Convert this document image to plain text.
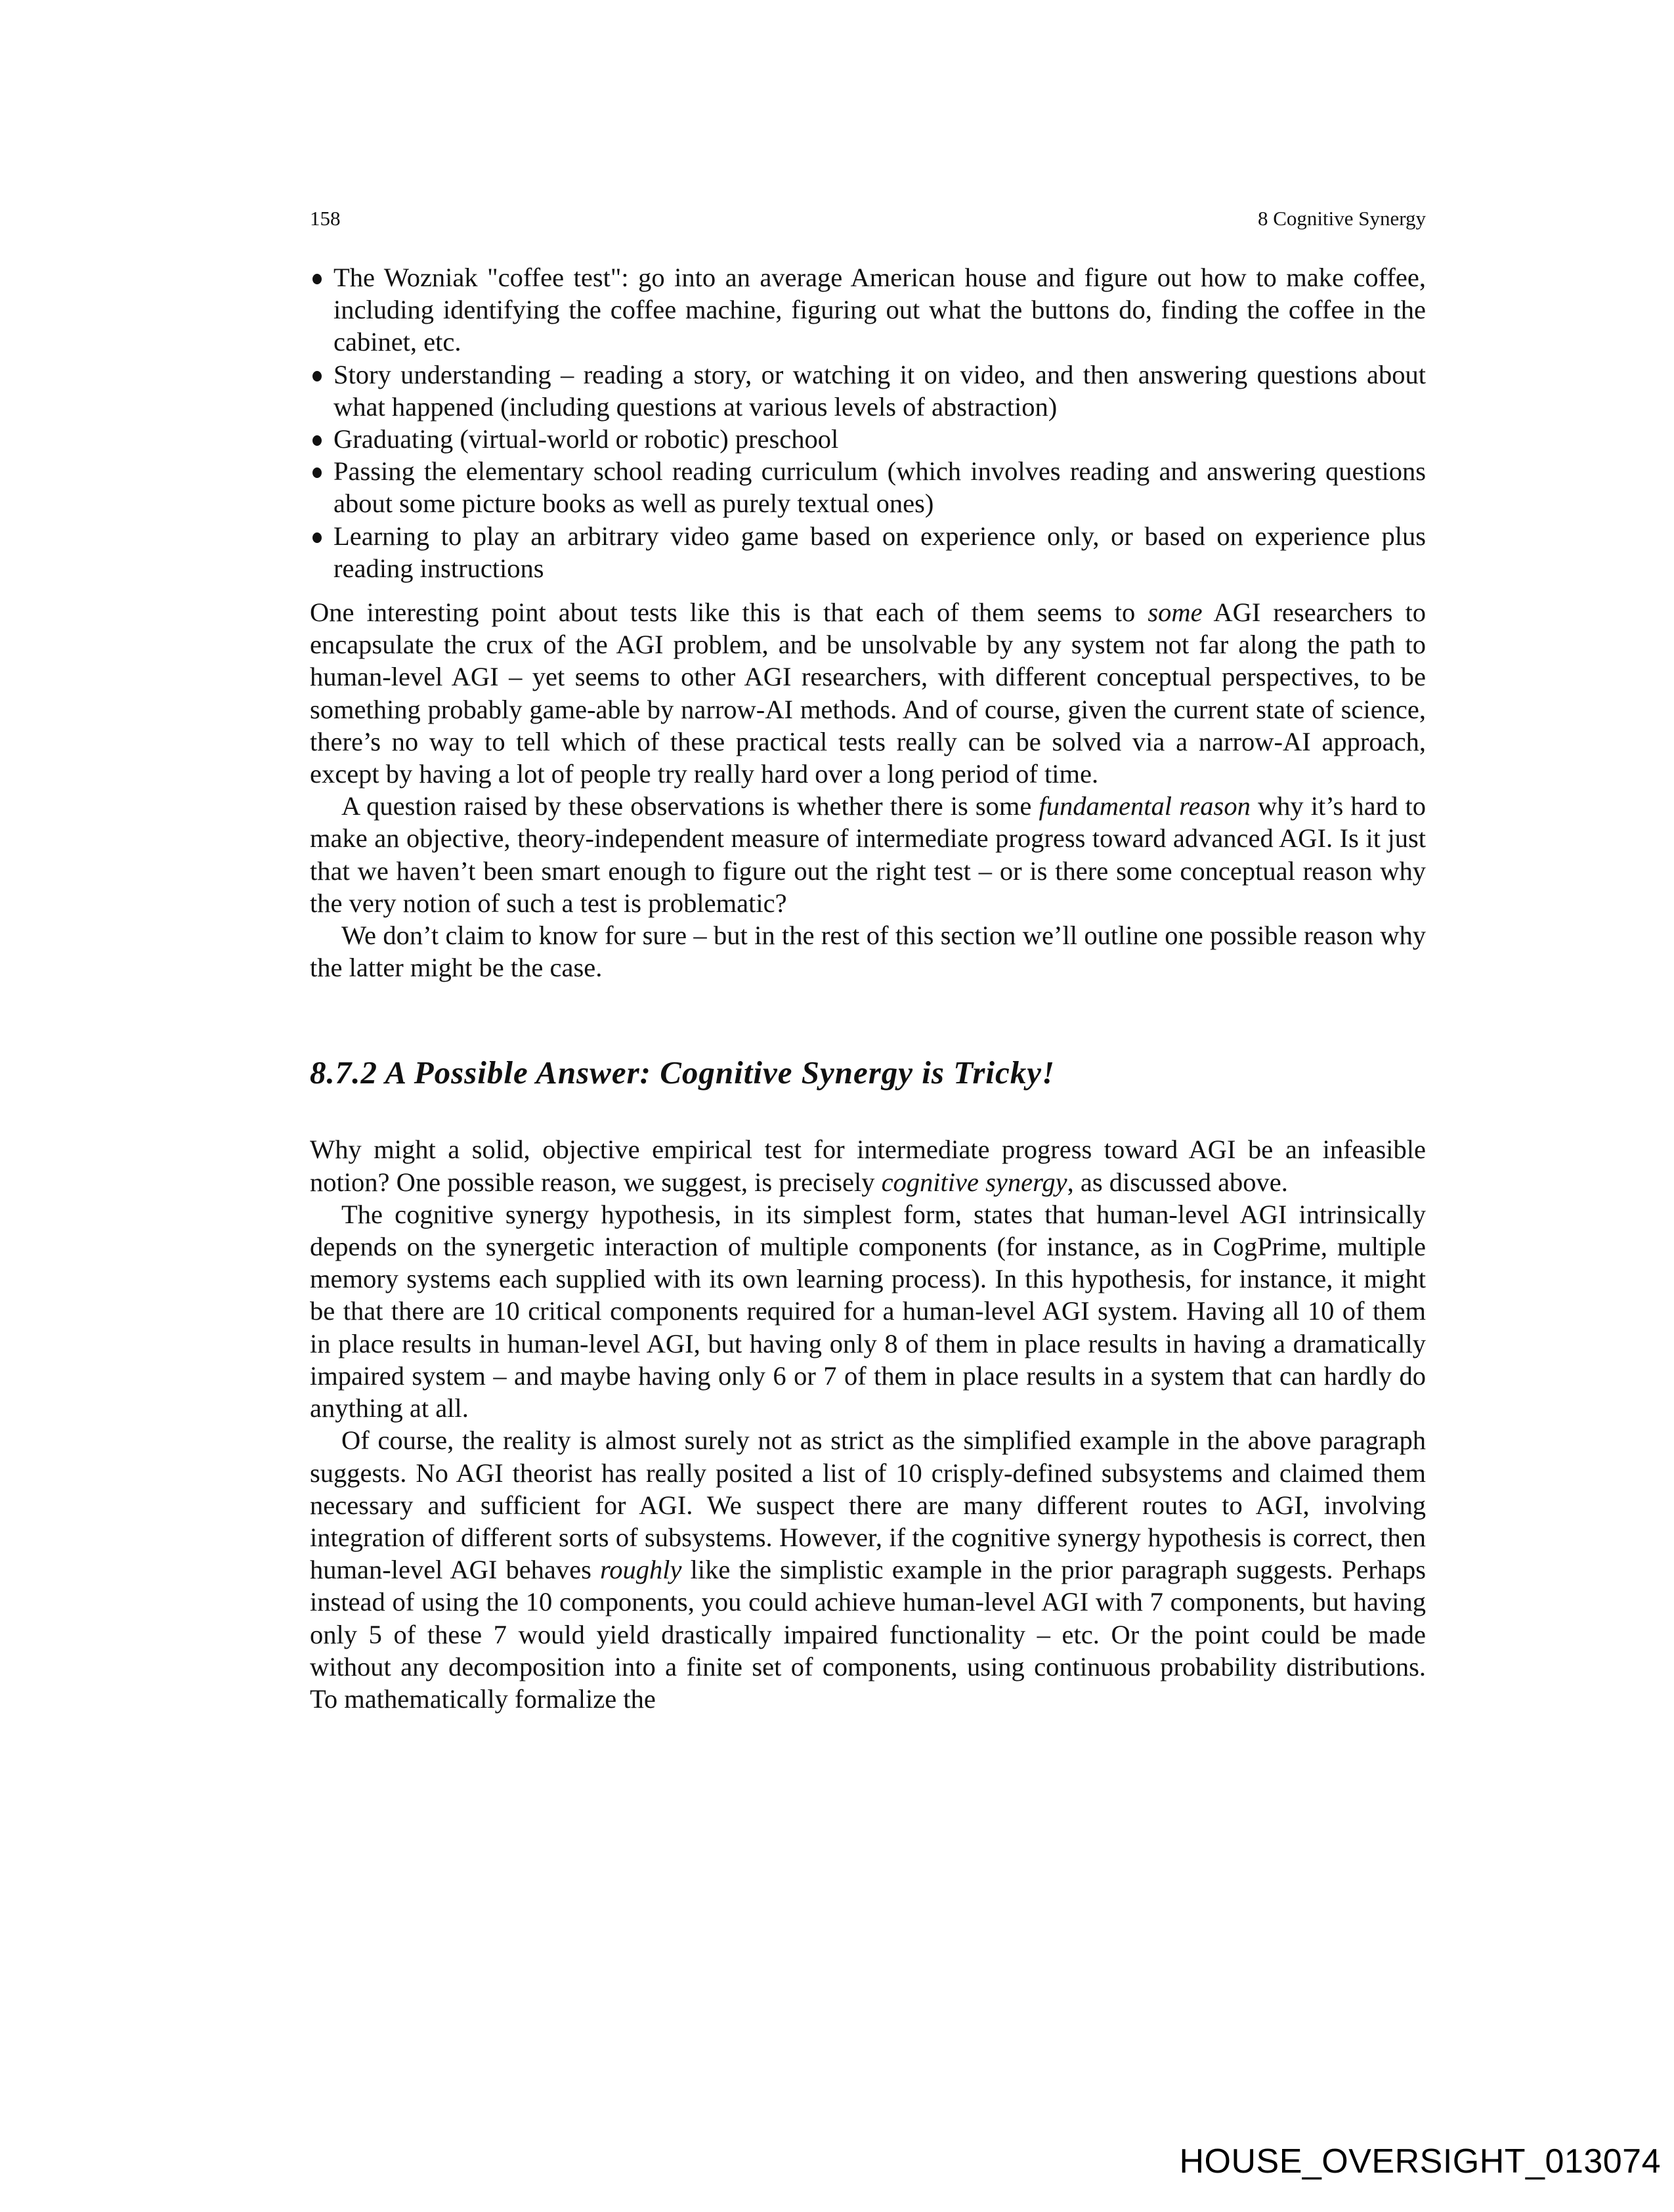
158	8 Cognitive Synergy
The Wozniak "coffee test": go into an average American house and figure out how to make coffee, including identifying the coffee machine, figuring out what the buttons do, finding the coffee in the cabinet, etc.
Story understanding – reading a story, or watching it on video, and then answering questions about what happened (including questions at various levels of abstraction)
Graduating (virtual-world or robotic) preschool
Passing the elementary school reading curriculum (which involves reading and answering questions about some picture books as well as purely textual ones)
Learning to play an arbitrary video game based on experience only, or based on experience plus reading instructions

One interesting point about tests like this is that each of them seems to some AGI researchers to encapsulate the crux of the AGI problem, and be unsolvable by any system not far along the path to human-level AGI – yet seems to other AGI researchers, with different conceptual perspectives, to be something probably game-able by narrow-AI methods. And of course, given the current state of science, there’s no way to tell which of these practical tests really can be solved via a narrow-AI approach, except by having a lot of people try really hard over a long period of time.

A question raised by these observations is whether there is some fundamental reason why it’s hard to make an objective, theory-independent measure of intermediate progress toward advanced AGI. Is it just that we haven’t been smart enough to figure out the right test – or is there some conceptual reason why the very notion of such a test is problematic?

We don’t claim to know for sure – but in the rest of this section we’ll outline one possible reason why the latter might be the case.

8.7.2 A Possible Answer: Cognitive Synergy is Tricky!

Why might a solid, objective empirical test for intermediate progress toward AGI be an infeasible notion? One possible reason, we suggest, is precisely cognitive synergy, as discussed above.

The cognitive synergy hypothesis, in its simplest form, states that human-level AGI intrinsically depends on the synergetic interaction of multiple components (for instance, as in CogPrime, multiple memory systems each supplied with its own learning process). In this hypothesis, for instance, it might be that there are 10 critical components required for a human-level AGI system. Having all 10 of them in place results in human-level AGI, but having only 8 of them in place results in having a dramatically impaired system – and maybe having only 6 or 7 of them in place results in a system that can hardly do anything at all.

Of course, the reality is almost surely not as strict as the simplified example in the above paragraph suggests. No AGI theorist has really posited a list of 10 crisply-defined subsystems and claimed them necessary and sufficient for AGI. We suspect there are many different routes to AGI, involving integration of different sorts of subsystems. However, if the cognitive synergy hypothesis is correct, then human-level AGI behaves roughly like the simplistic example in the prior paragraph suggests. Perhaps instead of using the 10 components, you could achieve human-level AGI with 7 components, but having only 5 of these 7 would yield drastically impaired functionality – etc. Or the point could be made without any decomposition into a finite set of components, using continuous probability distributions. To mathematically formalize the

HOUSE_OVERSIGHT_013074
